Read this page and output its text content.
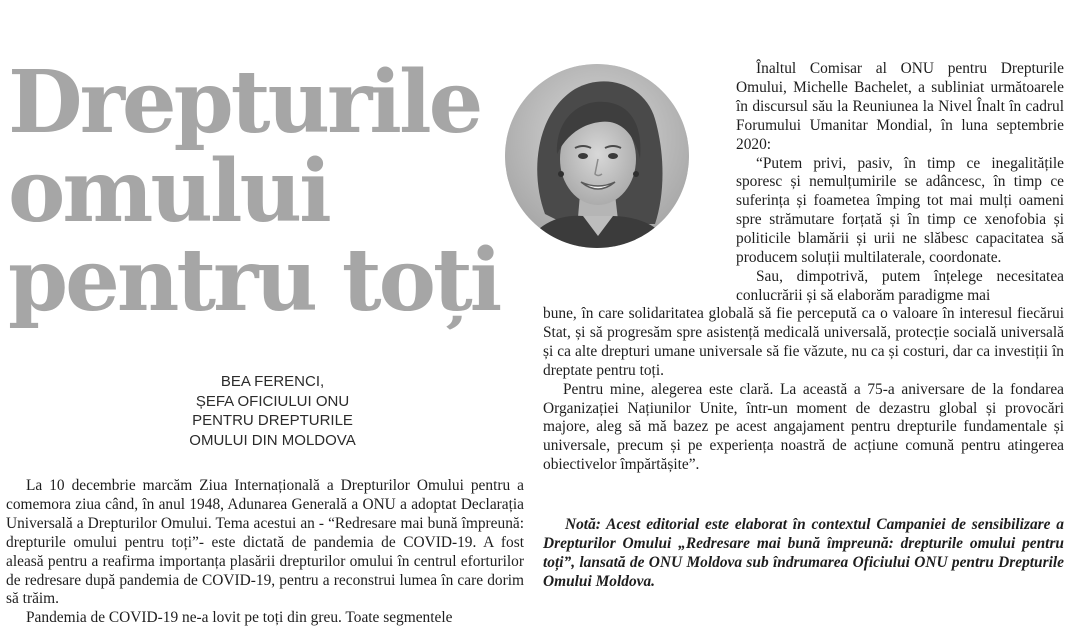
Drepturile
omului
pentru toți
BEA FERENCI,
ȘEFA OFICIULUI ONU
PENTRU DREPTURILE
OMULUI DIN MOLDOVA

La 10 decembrie marcăm Ziua Internațională a Drepturilor Omului pentru a comemora ziua când, în anul 1948, Adunarea Generală a ONU a adoptat Declarația Universală a Drepturilor Omului. Tema acestui an - “Redresare mai bună împreună: drepturile omului pentru toți”- este dictată de pandemia de COVID-19. A fost aleasă pentru a reafirma importanța plasării drepturilor omului în centrul eforturilor de redresare după pandemia de COVID-19, pentru a reconstrui lumea în care dorim să trăim.

Pandemia de COVID-19 ne-a lovit pe toți din greu. Toate segmentele

Înaltul Comisar al ONU pentru Drepturile Omului, Michelle Bachelet, a subliniat următoarele în discursul său la Reuniunea la Nivel Înalt în cadrul Forumului Umanitar Mondial, în luna septembrie 2020:

“Putem privi, pasiv, în timp ce inegalitățile sporesc și nemulțumirile se adâncesc, în timp ce suferința și foametea împing tot mai mulți oameni spre strămutare forțată și în timp ce xenofobia și politicile blamării și urii ne slăbesc capacitatea să producem soluții multilaterale, coordonate.

Sau, dimpotrivă, putem înțelege necesitatea conlucrării și să elaborăm paradigme mai

bune, în care solidaritatea globală să fie percepută ca o valoare în interesul fiecărui Stat, și să progresăm spre asistență medicală universală, protecție socială universală și ca alte drepturi umane universale să fie văzute, nu ca și costuri, dar ca investiții în dreptate pentru toți.

Pentru mine, alegerea este clară. La această a 75-a aniversare de la fondarea Organizației Națiunilor Unite, într-un moment de dezastru global și provocări majore, aleg să mă bazez pe acest angajament pentru drepturile fundamentale și universale, precum și pe experiența noastră de acțiune comună pentru atingerea obiectivelor împărtășite”.

Notă: Acest editorial este elaborat în contextul Campaniei de sensibilizare a Drepturilor Omului „Redresare mai bună împreună: drepturile omului pentru toți”, lansată de ONU Moldova sub îndrumarea Oficiului ONU pentru Drepturile Omului Moldova.
